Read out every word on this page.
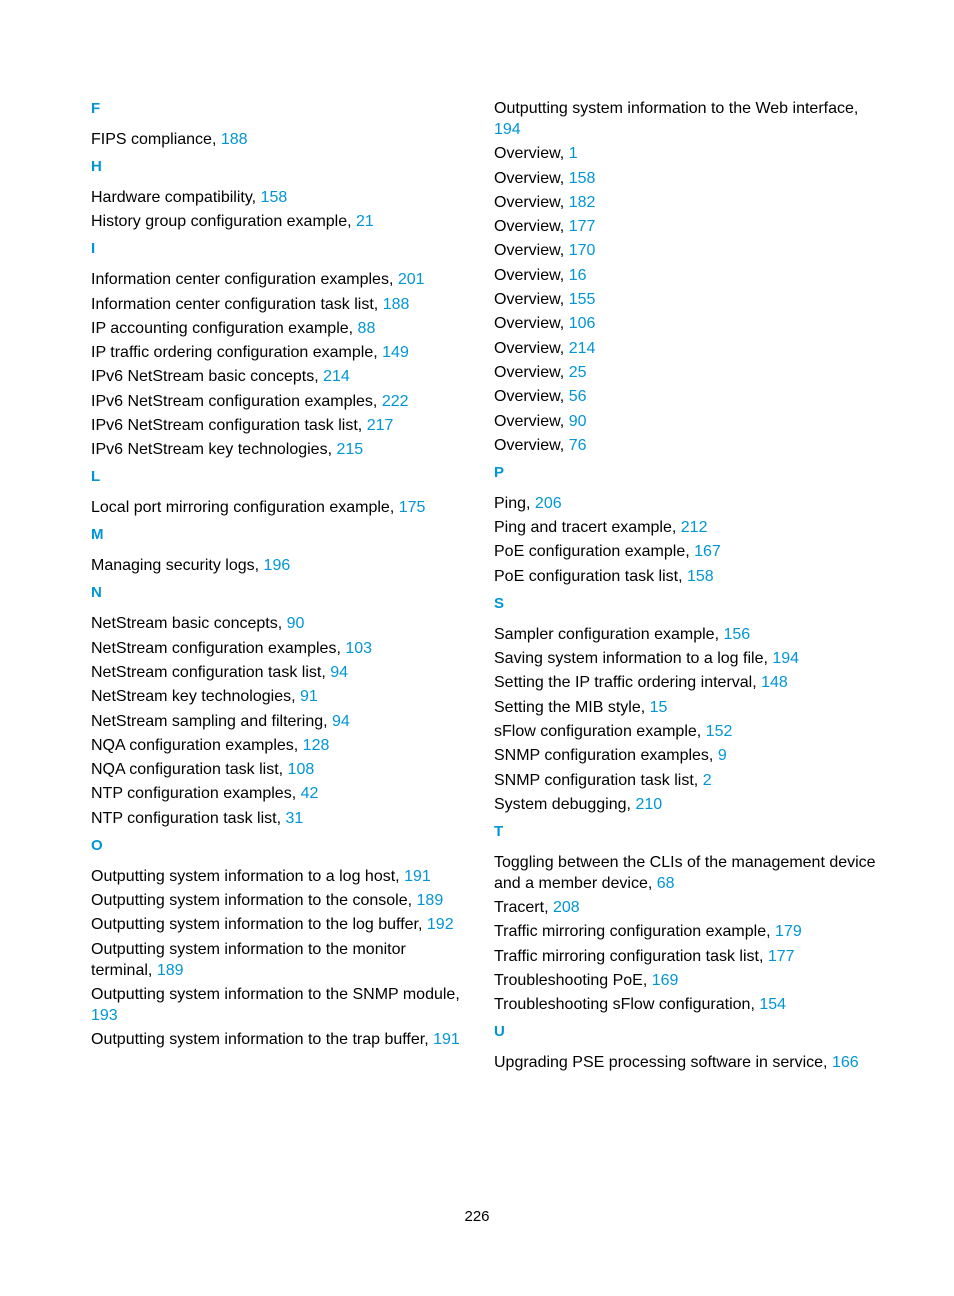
F
FIPS compliance, 188
H
Hardware compatibility, 158
History group configuration example, 21
I
Information center configuration examples, 201
Information center configuration task list, 188
IP accounting configuration example, 88
IP traffic ordering configuration example, 149
IPv6 NetStream basic concepts, 214
IPv6 NetStream configuration examples, 222
IPv6 NetStream configuration task list, 217
IPv6 NetStream key technologies, 215
L
Local port mirroring configuration example, 175
M
Managing security logs, 196
N
NetStream basic concepts, 90
NetStream configuration examples, 103
NetStream configuration task list, 94
NetStream key technologies, 91
NetStream sampling and filtering, 94
NQA configuration examples, 128
NQA configuration task list, 108
NTP configuration examples, 42
NTP configuration task list, 31
O
Outputting system information to a log host, 191
Outputting system information to the console, 189
Outputting system information to the log buffer, 192
Outputting system information to the monitor terminal, 189
Outputting system information to the SNMP module,193
Outputting system information to the trap buffer, 191
Outputting system information to the Web interface,194
Overview, 1
Overview, 158
Overview, 182
Overview, 177
Overview, 170
Overview, 16
Overview, 155
Overview, 106
Overview, 214
Overview, 25
Overview, 56
Overview, 90
Overview, 76
P
Ping, 206
Ping and tracert example, 212
PoE configuration example, 167
PoE configuration task list, 158
S
Sampler configuration example, 156
Saving system information to a log file, 194
Setting the IP traffic ordering interval, 148
Setting the MIB style, 15
sFlow configuration example, 152
SNMP configuration examples, 9
SNMP configuration task list, 2
System debugging, 210
T
Toggling between the CLIs of the management device and a member device, 68
Tracert, 208
Traffic mirroring configuration example, 179
Traffic mirroring configuration task list, 177
Troubleshooting PoE, 169
Troubleshooting sFlow configuration, 154
U
Upgrading PSE processing software in service, 166
226
